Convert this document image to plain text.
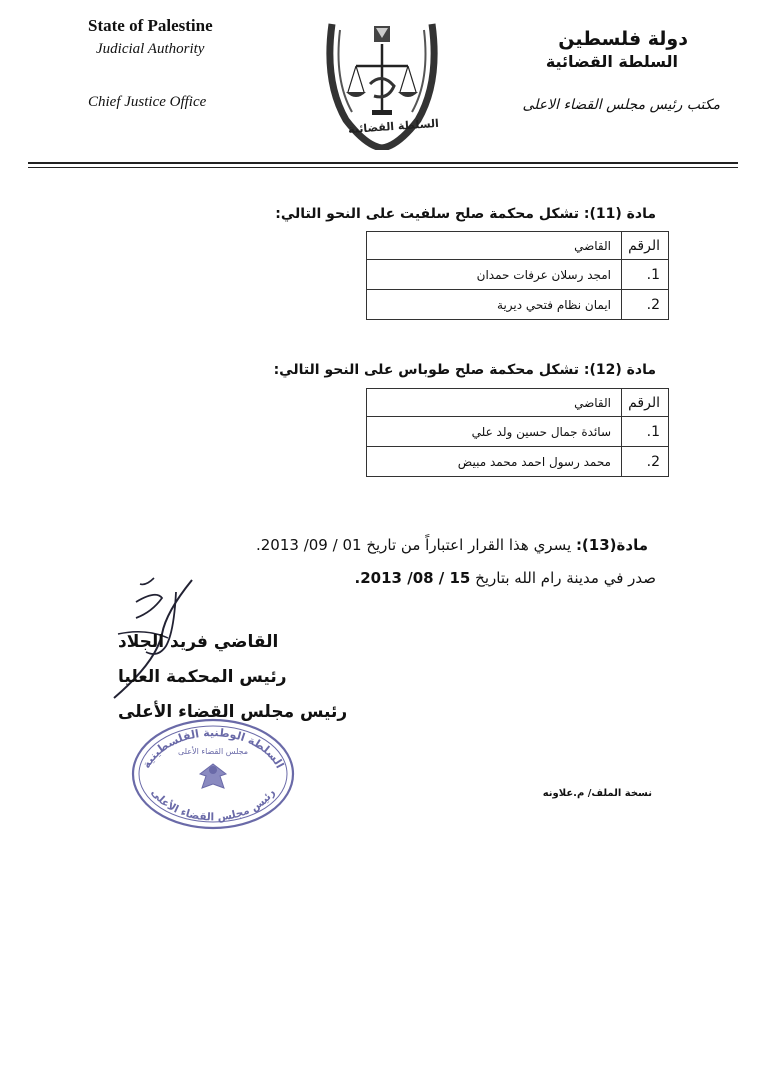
State of Palestine
Judicial Authority
Chief Justice Office
السلطة القضائية
دولة فلسطين
السلطة القضائية
مكتب رئيس مجلس القضاء الاعلى
مادة (11): تشكل محكمة صلح سلفيت على النحو التالي:
الرقم	القاضي
1.	امجد رسلان عرفات حمدان
2.	ايمان نظام فتحي ديرية
مادة (12): تشكل محكمة صلح طوباس على النحو التالي:
الرقم	القاضي
1.	سائدة جمال حسين ولد علي
2.	محمد رسول احمد محمد مبيض
مادة(13): يسري هذا القرار اعتباراً من تاريخ 01 / 09/ 2013.
صدر في مدينة رام الله بتاريخ 15 / 08/ 2013.
القاضي فريد الجلاد
رئيس المحكمة العليا
رئيس مجلس القضاء الأعلى
السلطة الوطنية الفلسطينية
مجلس القضاء الأعلى
رئيس مجلس القضاء الأعلى	نسخة الملف/ م.علاونه
